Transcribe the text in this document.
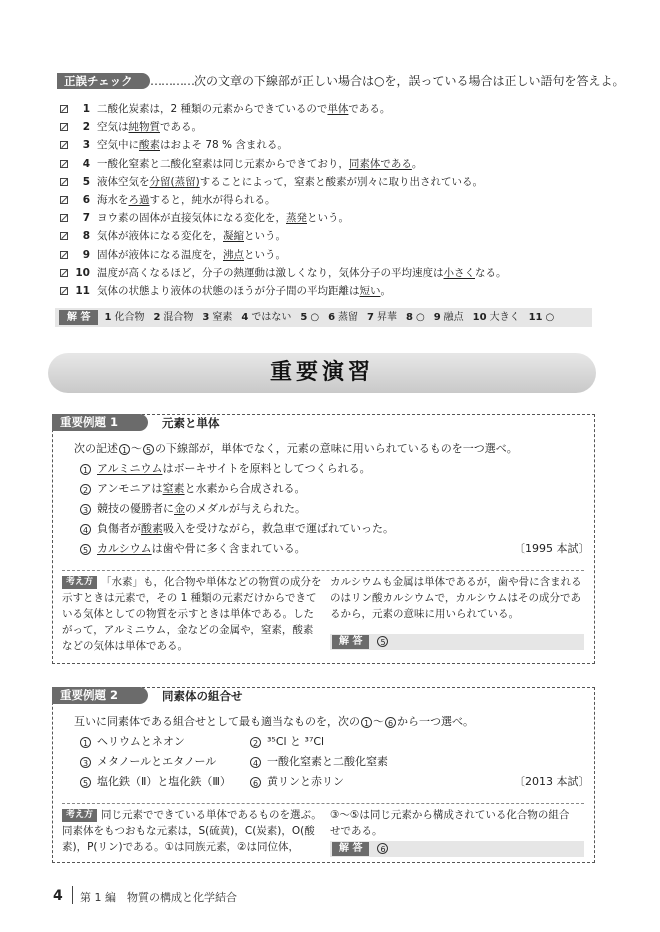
正誤チェック	…………次の文章の下線部が正しい場合は○を，誤っている場合は正しい語句を答えよ。
1 二酸化炭素は，2 種類の元素からできているので 単体 である。
2 空気は 純物質 である。
3 空気中に 酸素 はおよそ 78 % 含まれる。
4 一酸化窒素と二酸化窒素は同じ元素からできており， 同素体である 。
5 液体空気を 分留(蒸留) することによって，窒素と酸素が別々に取り出されている。
6 海水を ろ過 すると，純水が得られる。
7 ヨウ素の固体が直接気体になる変化を， 蒸発 という。
8 気体が液体になる変化を， 凝縮 という。
9 固体が液体になる温度を， 沸点 という。
10 温度が高くなるほど，分子の熱運動は激しくなり，気体分子の平均速度は 小さく なる。
11 気体の状態より液体の状態のほうが分子間の平均距離は 短い 。
解 答 1 化合物 2 混合物 3 窒素 4 ではない 5 ○ 6 蒸留 7 昇華 8 ○ 9 融点 10 大きく 11 ○
重要演習
重要例題 1	元素と単体
次の記述 1 ～ 5 の下線部が，単体でなく，元素の意味に用いられているものを一つ選べ。
1 アルミニウムはボーキサイトを原料としてつくられる。
2 アンモニアは窒素と水素から合成される。
3 競技の優勝者に金のメダルが与えられた。
4 負傷者が酸素吸入を受けながら，救急車で運ばれていった。
5 カルシウムは歯や骨に多く含まれている。	〔1995 本試〕
考え方 「水素」も，化合物や単体などの物質の成分を
示すときは元素で，その 1 種類の元素だけからできて
いる気体としての物質を示すときは単体である。した
がって，アルミニウム，金などの金属や，窒素，酸素
などの気体は単体である。
カルシウムも金属は単体であるが，歯や骨に含まれる
のはリン酸カルシウムで，カルシウムはその成分であ
るから，元素の意味に用いられている。
解 答 5
重要例題 2	同素体の組合せ
互いに同素体である組合せとして最も適当なものを，次の 1 ～ 6 から一つ選べ。
1 ヘリウムとネオン	2 ³⁵Cl と ³⁷Cl
3 メタノールとエタノール	4 一酸化窒素と二酸化窒素
5 塩化鉄（Ⅱ）と塩化鉄（Ⅲ）	6 黄リンと赤リン	〔2013 本試〕
考え方 同じ元素でできている単体であるものを選ぶ。
同素体をもつおもな元素は，S(硫黄)，C(炭素)，O(酸
素)，P(リン)である。①は同族元素，②は同位体，
③～⑤は同じ元素から構成されている化合物の組合
せである。
解 答 6
4 第 1 編　物質の構成と化学結合
